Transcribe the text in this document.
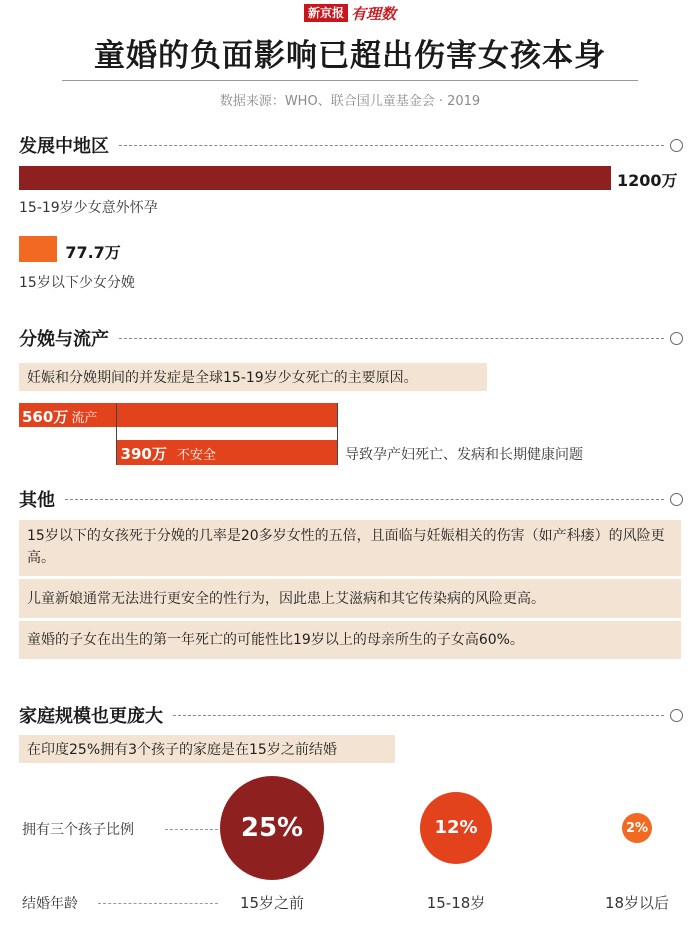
新京报 有理数
童婚的负面影响已超出伤害女孩本身
数据来源：WHO、联合国儿童基金会 · 2019
发展中地区
1200万
15-19岁少女意外怀孕
77.7万
15岁以下少女分娩
分娩与流产
妊娠和分娩期间的并发症是全球15-19岁少女死亡的主要原因。
560万 流产
390万 不安全	导致孕产妇死亡、发病和长期健康问题
其他
15岁以下的女孩死于分娩的几率是20多岁女性的五倍，且面临与妊娠相关的伤害（如产科瘘）的风险更高。
儿童新娘通常无法进行更安全的性行为，因此患上艾滋病和其它传染病的风险更高。
童婚的子女在出生的第一年死亡的可能性比19岁以上的母亲所生的子女高60%。
家庭规模也更庞大
在印度25%拥有3个孩子的家庭是在15岁之前结婚
拥有三个孩子比例	25%
15岁之前
12%
15-18岁
2%
18岁以后
结婚年龄
